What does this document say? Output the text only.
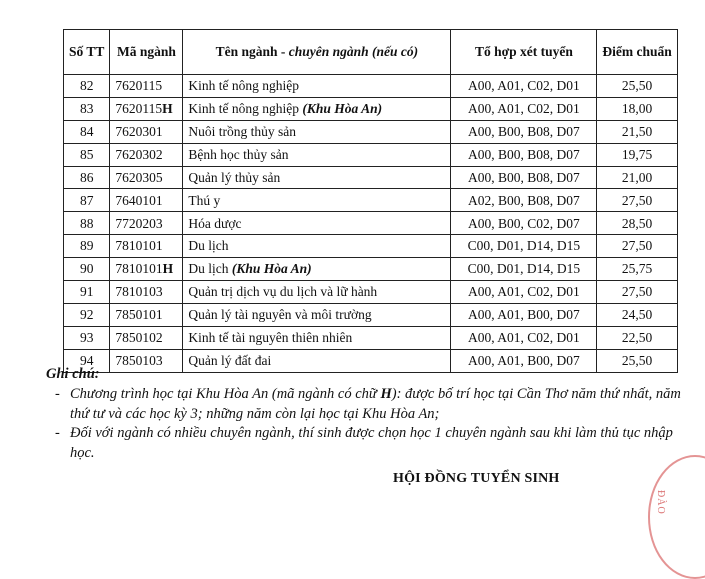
Số TT	Mã ngành	Tên ngành - chuyên ngành (nếu có)	Tổ hợp xét tuyển	Điểm chuẩn
82	7620115	Kinh tế nông nghiệp	A00, A01, C02, D01	25,50
83	7620115H	Kinh tế nông nghiệp (Khu Hòa An)	A00, A01, C02, D01	18,00
84	7620301	Nuôi trồng thủy sản	A00, B00, B08, D07	21,50
85	7620302	Bệnh học thủy sản	A00, B00, B08, D07	19,75
86	7620305	Quản lý thủy sản	A00, B00, B08, D07	21,00
87	7640101	Thú y	A02, B00, B08, D07	27,50
88	7720203	Hóa dược	A00, B00, C02, D07	28,50
89	7810101	Du lịch	C00, D01, D14, D15	27,50
90	7810101H	Du lịch (Khu Hòa An)	C00, D01, D14, D15	25,75
91	7810103	Quản trị dịch vụ du lịch và lữ hành	A00, A01, C02, D01	27,50
92	7850101	Quản lý tài nguyên và môi trường	A00, A01, B00, D07	24,50
93	7850102	Kinh tế tài nguyên thiên nhiên	A00, A01, C02, D01	22,50
94	7850103	Quản lý đất đai	A00, A01, B00, D07	25,50
Ghi chú:
- Chương trình học tại Khu Hòa An (mã ngành có chữ H): được bố trí học tại Cần Thơ năm thứ nhất, năm thứ tư và các học kỳ 3; những năm còn lại học tại Khu Hòa An;
- Đối với ngành có nhiều chuyên ngành, thí sinh được chọn học 1 chuyên ngành sau khi làm thủ tục nhập học.
HỘI ĐỒNG TUYỂN SINH
ĐÀO
